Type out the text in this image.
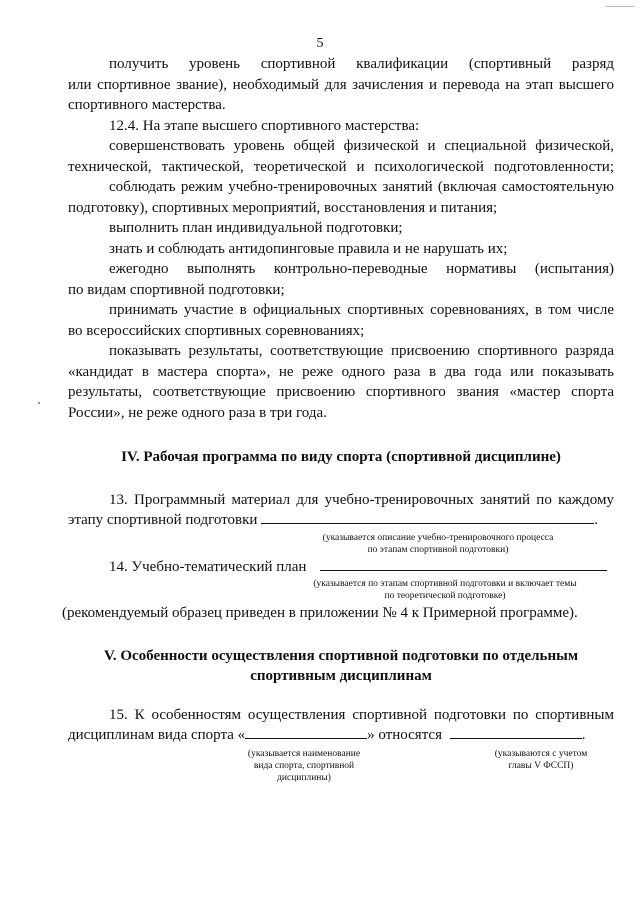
5

получить уровень спортивной квалификации (спортивный разряд

или спортивное звание), необходимый для зачисления и перевода на этап высшего

спортивного мастерства.

12.4. На этапе высшего спортивного мастерства:

совершенствовать уровень общей физической и специальной физической,

технической, тактической, теоретической и психологической подготовленности;

соблюдать режим учебно-тренировочных занятий (включая самостоятельную

подготовку), спортивных мероприятий, восстановления и питания;

выполнить план индивидуальной подготовки;

знать и соблюдать антидопинговые правила и не нарушать их;

ежегодно выполнять контрольно-переводные нормативы (испытания)

по видам спортивной подготовки;

принимать участие в официальных спортивных соревнованиях, в том числе

во всероссийских спортивных соревнованиях;

показывать результаты, соответствующие присвоению спортивного разряда

«кандидат в мастера спорта», не реже одного раза в два года или показывать

результаты, соответствующие присвоению спортивного звания «мастер спорта

России», не реже одного раза в три года.

IV. Рабочая программа по виду спорта (спортивной дисциплине)

13. Программный материал для учебно-тренировочных занятий по каждому

этапу спортивной подготовки	.

(указывается описание учебно-тренировочного процесса
по этапам спортивной подготовки)

14. Учебно-тематический план

(указывается по этапам спортивной подготовки и включает темы
по теоретической подготовке)

(рекомендуемый образец приведен в приложении № 4 к Примерной программе).

V. Особенности осуществления спортивной подготовки по отдельным

спортивным дисциплинам

15. К особенностям осуществления спортивной подготовки по спортивным

дисциплинам вида спорта «	» относятся	.

(указывается наименование
вида спорта, спортивной
дисциплины)
(указываются с учетом
главы V ФССП)
